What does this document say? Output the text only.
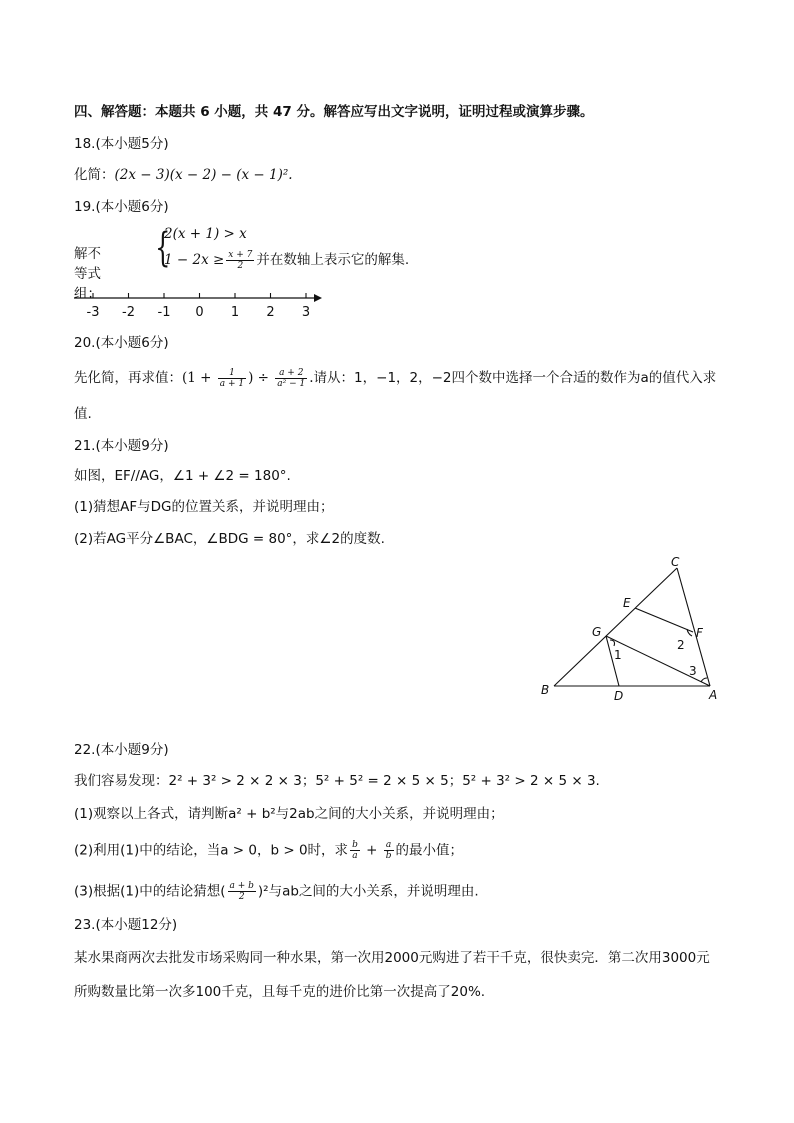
四、解答题：本题共 6 小题，共 47 分。解答应写出文字说明，证明过程或演算步骤。
18.(本小题5分)
化简：(2x − 3)(x − 2) − (x − 1)².
19.(本小题6分)
解不等式组：
{
2(x + 1) > x
$1 - 2x \ge \frac{x + 7}{2}$ 并在数轴上表示它的解集.
-3 -2 -1 0 1 2 3
20.(本小题6分)
先化简，再求值：($1 + \frac{1}{a + 1}$ ) ÷ $\frac{a + 2}{\text{a² − 1}}$ .请从：1，−1，2，−2四个数中选择一个合适的数作为a的值代入求
值.
21.(本小题9分)
如图，EF//AG，∠1 + ∠2 = 180°.
(1)猜想AF与DG的位置关系，并说明理由；
(2)若AG平分∠BAC，∠BDG = 80°，求∠2的度数.
C
E
G	F
B	D	A
1
2
3
22.(本小题9分)
我们容易发现：2² + 3² > 2 × 2 × 3；5² + 5² = 2 × 5 × 5；5² + 3² > 2 × 5 × 3.
(1)观察以上各式，请判断a² + b²与2ab之间的大小关系，并说明理由；
(2)利用(1)中的结论，当a > 0，b > 0时，求 $\frac{b}{a} + \frac{a}{b}$ 的最小值；
(3)根据(1)中的结论猜想( $\frac{a + b}{2} )^2$与ab之间的大小关系，并说明理由.
23.(本小题12分)
某水果商两次去批发市场采购同一种水果，第一次用2000元购进了若干千克，很快卖完．第二次用3000元
所购数量比第一次多100千克，且每千克的进价比第一次提高了20%.
